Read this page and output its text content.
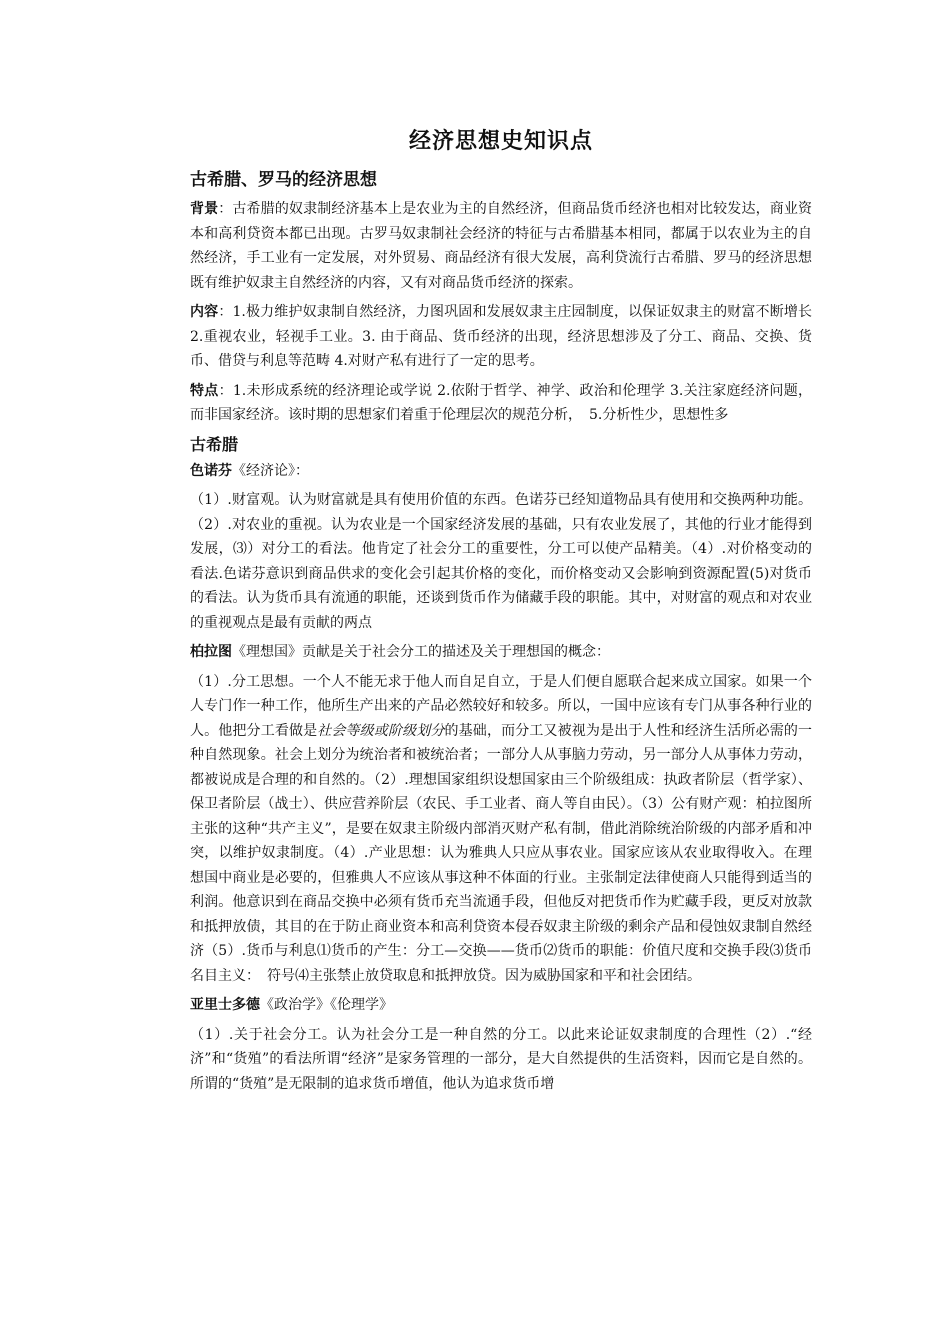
经济思想史知识点
古希腊、罗马的经济思想

背景：古希腊的奴隶制经济基本上是农业为主的自然经济，但商品货币经济也相对比较发达，商业资本和高利贷资本都已出现。古罗马奴隶制社会经济的特征与古希腊基本相同，都属于以农业为主的自然经济，手工业有一定发展，对外贸易、商品经济有很大发展，高利贷流行古希腊、罗马的经济思想既有维护奴隶主自然经济的内容，又有对商品货币经济的探索。

内容：1.极力维护奴隶制自然经济，力图巩固和发展奴隶主庄园制度，以保证奴隶主的财富不断增长 2.重视农业，轻视手工业。3. 由于商品、货币经济的出现，经济思想涉及了分工、商品、交换、货币、借贷与利息等范畴 4.对财产私有进行了一定的思考。

特点：1.未形成系统的经济理论或学说 2.依附于哲学、神学、政治和伦理学 3.关注家庭经济问题，而非国家经济。该时期的思想家们着重于伦理层次的规范分析，　5.分析性少，思想性多

古希腊

色诺芬《经济论》：

（1）.财富观。认为财富就是具有使用价值的东西。色诺芬已经知道物品具有使用和交换两种功能。（2）.对农业的重视。认为农业是一个国家经济发展的基础，只有农业发展了，其他的行业才能得到发展，⑶）对分工的看法。他肯定了社会分工的重要性，分工可以使产品精美。（4）.对价格变动的看法.色诺芬意识到商品供求的变化会引起其价格的变化，而价格变动又会影响到资源配置(5)对货币的看法。认为货币具有流通的职能，还谈到货币作为储藏手段的职能。其中，对财富的观点和对农业的重视观点是最有贡献的两点

柏拉图《理想国》贡献是关于社会分工的描述及关于理想国的概念：

（1）.分工思想。一个人不能无求于他人而自足自立，于是人们便自愿联合起来成立国家。如果一个人专门作一种工作，他所生产出来的产品必然较好和较多。所以，一国中应该有专门从事各种行业的人。他把分工看做是社会等级或阶级划分的基础，而分工又被视为是出于人性和经济生活所必需的一种自然现象。社会上划分为统治者和被统治者；一部分人从事脑力劳动，另一部分人从事体力劳动，都被说成是合理的和自然的。（2）.理想国家组织设想国家由三个阶级组成：执政者阶层（哲学家）、保卫者阶层（战士）、供应营养阶层（农民、手工业者、商人等自由民）。（3）公有财产观：柏拉图所主张的这种“共产主义”，是要在奴隶主阶级内部消灭财产私有制，借此消除统治阶级的内部矛盾和冲突，以维护奴隶制度。（4）.产业思想：认为雅典人只应从事农业。国家应该从农业取得收入。在理想国中商业是必要的，但雅典人不应该从事这种不体面的行业。主张制定法律使商人只能得到适当的利润。他意识到在商品交换中必须有货币充当流通手段，但他反对把货币作为贮藏手段，更反对放款和抵押放债，其目的在于防止商业资本和高利贷资本侵吞奴隶主阶级的剩余产品和侵蚀奴隶制自然经济（5）.货币与利息⑴货币的产生：分工—交换——货币⑵货币的职能：价值尺度和交换手段⑶货币名目主义：　符号⑷主张禁止放贷取息和抵押放贷。因为威胁国家和平和社会团结。

亚里士多德《政治学》《伦理学》

（1）.关于社会分工。认为社会分工是一种自然的分工。以此来论证奴隶制度的合理性（2）.“经济”和“货殖”的看法所谓“经济”是家务管理的一部分，是大自然提供的生活资料，因而它是自然的。所谓的“货殖”是无限制的追求货币增值，他认为追求货币增
